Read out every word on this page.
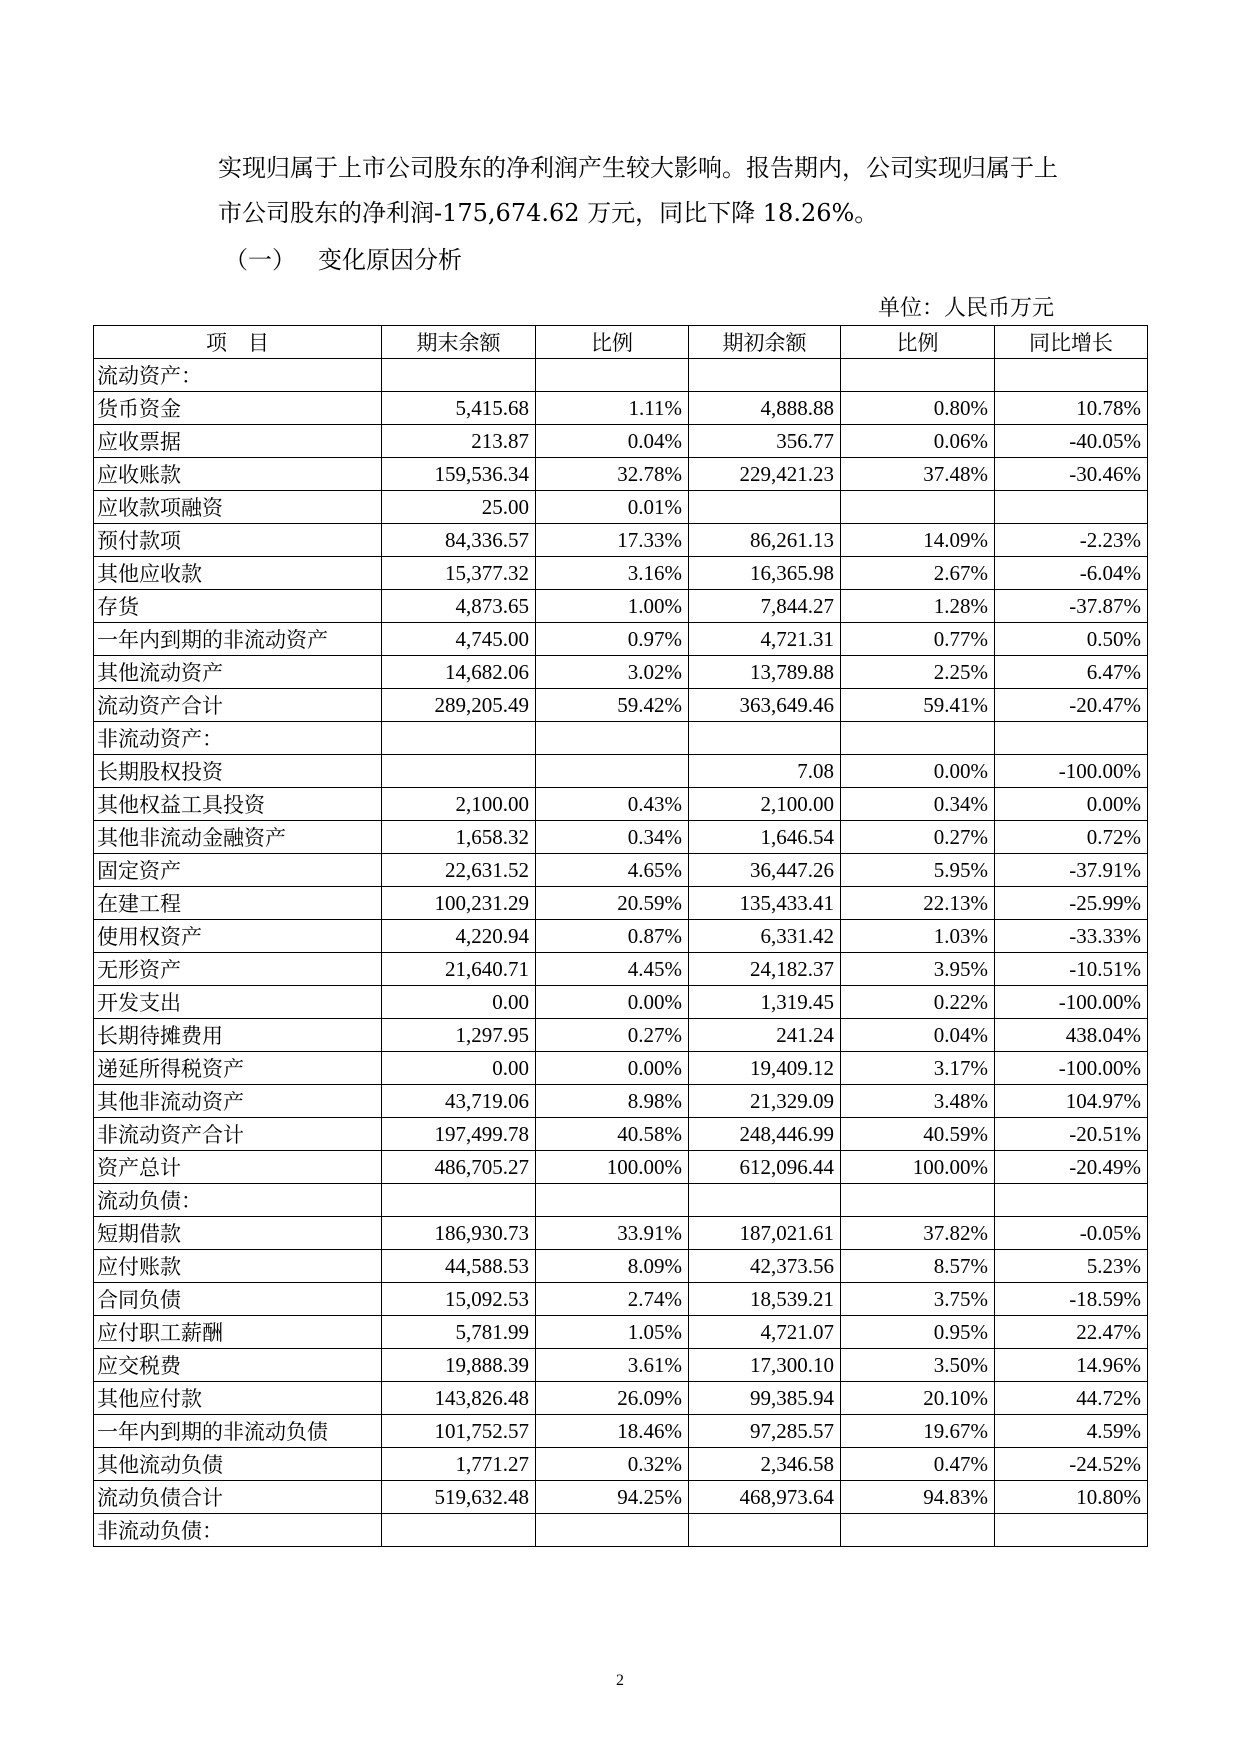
实现归属于上市公司股东的净利润产生较大影响。报告期内，公司实现归属于上

市公司股东的净利润-175,674.62 万元，同比下降 18.26%。

（一） 变化原因分析

单位：人民币万元
项　目	期末余额	比例	期初余额	比例	同比增长
流动资产：					
货币资金	5,415.68	1.11%	4,888.88	0.80%	10.78%
应收票据	213.87	0.04%	356.77	0.06%	-40.05%
应收账款	159,536.34	32.78%	229,421.23	37.48%	-30.46%
应收款项融资	25.00	0.01%			
预付款项	84,336.57	17.33%	86,261.13	14.09%	-2.23%
其他应收款	15,377.32	3.16%	16,365.98	2.67%	-6.04%
存货	4,873.65	1.00%	7,844.27	1.28%	-37.87%
一年内到期的非流动资产	4,745.00	0.97%	4,721.31	0.77%	0.50%
其他流动资产	14,682.06	3.02%	13,789.88	2.25%	6.47%
流动资产合计	289,205.49	59.42%	363,649.46	59.41%	-20.47%
非流动资产：					
长期股权投资			7.08	0.00%	-100.00%
其他权益工具投资	2,100.00	0.43%	2,100.00	0.34%	0.00%
其他非流动金融资产	1,658.32	0.34%	1,646.54	0.27%	0.72%
固定资产	22,631.52	4.65%	36,447.26	5.95%	-37.91%
在建工程	100,231.29	20.59%	135,433.41	22.13%	-25.99%
使用权资产	4,220.94	0.87%	6,331.42	1.03%	-33.33%
无形资产	21,640.71	4.45%	24,182.37	3.95%	-10.51%
开发支出	0.00	0.00%	1,319.45	0.22%	-100.00%
长期待摊费用	1,297.95	0.27%	241.24	0.04%	438.04%
递延所得税资产	0.00	0.00%	19,409.12	3.17%	-100.00%
其他非流动资产	43,719.06	8.98%	21,329.09	3.48%	104.97%
非流动资产合计	197,499.78	40.58%	248,446.99	40.59%	-20.51%
资产总计	486,705.27	100.00%	612,096.44	100.00%	-20.49%
流动负债：					
短期借款	186,930.73	33.91%	187,021.61	37.82%	-0.05%
应付账款	44,588.53	8.09%	42,373.56	8.57%	5.23%
合同负债	15,092.53	2.74%	18,539.21	3.75%	-18.59%
应付职工薪酬	5,781.99	1.05%	4,721.07	0.95%	22.47%
应交税费	19,888.39	3.61%	17,300.10	3.50%	14.96%
其他应付款	143,826.48	26.09%	99,385.94	20.10%	44.72%
一年内到期的非流动负债	101,752.57	18.46%	97,285.57	19.67%	4.59%
其他流动负债	1,771.27	0.32%	2,346.58	0.47%	-24.52%
流动负债合计	519,632.48	94.25%	468,973.64	94.83%	10.80%
非流动负债：					
2
